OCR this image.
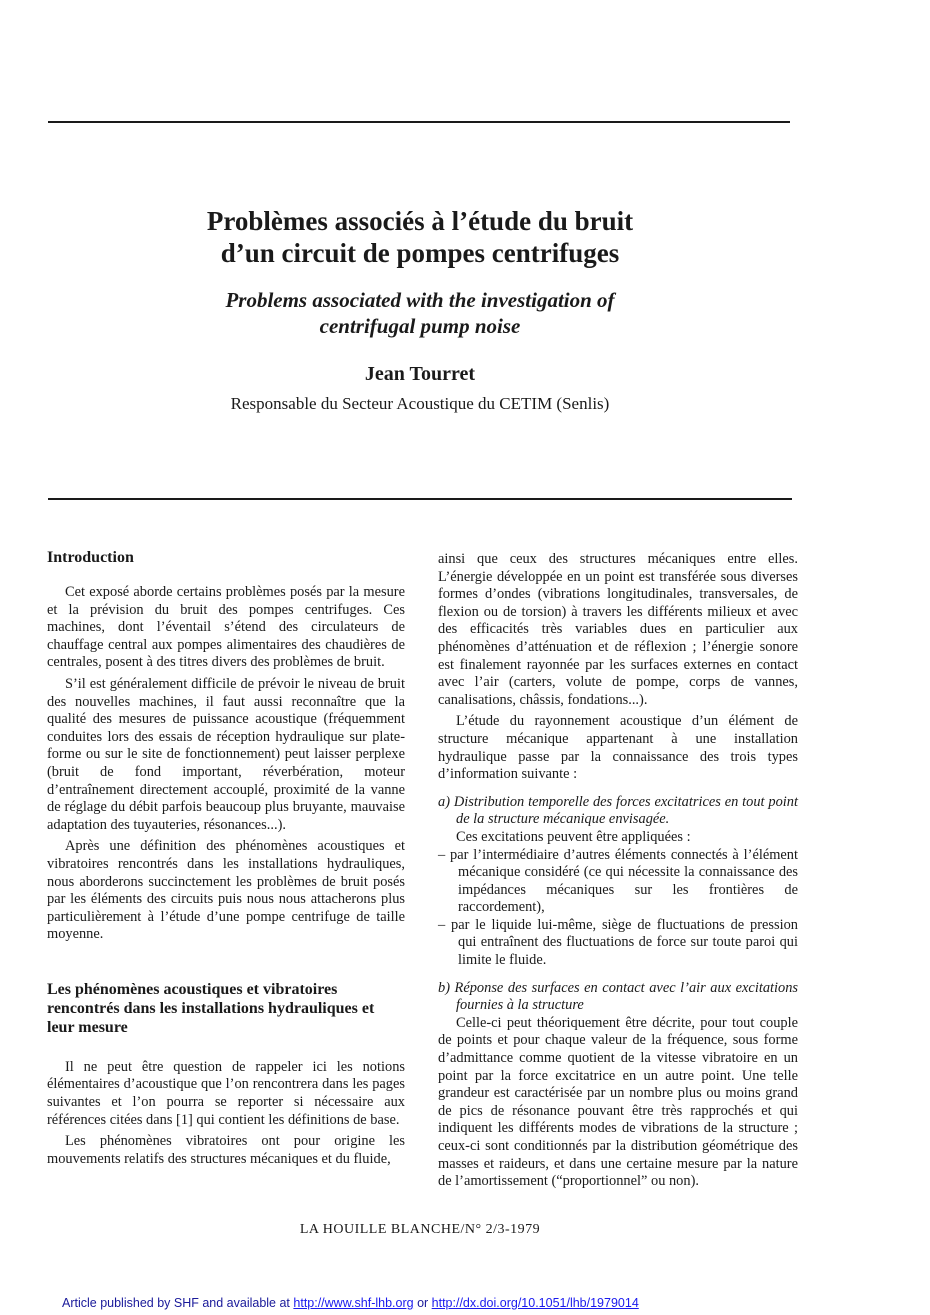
Problèmes associés à l’étude du bruit
d’un circuit de pompes centrifuges
Problems associated with the investigation of
centrifugal pump noise
Jean Tourret
Responsable du Secteur Acoustique du CETIM (Senlis)
Introduction

Cet exposé aborde certains problèmes posés par la mesure et la prévision du bruit des pompes centrifuges. Ces machines, dont l’éventail s’étend des circulateurs de chauffage central aux pompes alimentaires des chaudières de centrales, posent à des titres divers des problèmes de bruit.

S’il est généralement difficile de prévoir le niveau de bruit des nouvelles machines, il faut aussi reconnaître que la qualité des mesures de puissance acoustique (fréquemment conduites lors des essais de réception hydraulique sur plate-forme ou sur le site de fonctionnement) peut laisser perplexe (bruit de fond important, réverbération, moteur d’entraînement directement accouplé, proximité de la vanne de réglage du débit parfois beaucoup plus bruyante, mauvaise adaptation des tuyauteries, résonances...).

Après une définition des phénomènes acoustiques et vibratoires rencontrés dans les installations hydrauliques, nous aborderons succinctement les problèmes de bruit posés par les éléments des circuits puis nous nous attacherons plus particulièrement à l’étude d’une pompe centrifuge de taille moyenne.

Les phénomènes acoustiques et vibratoires rencontrés dans les installations hydrauliques et leur mesure

Il ne peut être question de rappeler ici les notions élémentaires d’acoustique que l’on rencontrera dans les pages suivantes et l’on pourra se reporter si nécessaire aux références citées dans [1] qui contient les définitions de base.

Les phénomènes vibratoires ont pour origine les mouvements relatifs des structures mécaniques et du fluide,

ainsi que ceux des structures mécaniques entre elles. L’énergie développée en un point est transférée sous diverses formes d’ondes (vibrations longitudinales, transversales, de flexion ou de torsion) à travers les différents milieux et avec des efficacités très variables dues en particulier aux phénomènes d’atténuation et de réflexion ; l’énergie sonore est finalement rayonnée par les surfaces externes en contact avec l’air (carters, volute de pompe, corps de vannes, canalisations, châssis, fondations...).

L’étude du rayonnement acoustique d’un élément de structure mécanique appartenant à une installation hydraulique passe par la connaissance des trois types d’information suivante :

a) Distribution temporelle des forces excitatrices en tout point de la structure mécanique envisagée.

Ces excitations peuvent être appliquées :

– par l’intermédiaire d’autres éléments connectés à l’élément mécanique considéré (ce qui nécessite la connaissance des impédances mécaniques sur les frontières de raccordement),

– par le liquide lui-même, siège de fluctuations de pression qui entraînent des fluctuations de force sur toute paroi qui limite le fluide.

b) Réponse des surfaces en contact avec l’air aux excitations fournies à la structure

Celle-ci peut théoriquement être décrite, pour tout couple de points et pour chaque valeur de la fréquence, sous forme d’admittance comme quotient de la vitesse vibratoire en un point par la force excitatrice en un autre point. Une telle grandeur est caractérisée par un nombre plus ou moins grand de pics de résonance pouvant être très rapprochés et qui indiquent les différents modes de vibrations de la structure ; ceux-ci sont conditionnés par la distribution géométrique des masses et raideurs, et dans une certaine mesure par la nature de l’amortissement (“proportionnel” ou non).

LA HOUILLE BLANCHE/N° 2/3-1979
Article published by SHF and available at http://www.shf-lhb.org or http://dx.doi.org/10.1051/lhb/1979014
